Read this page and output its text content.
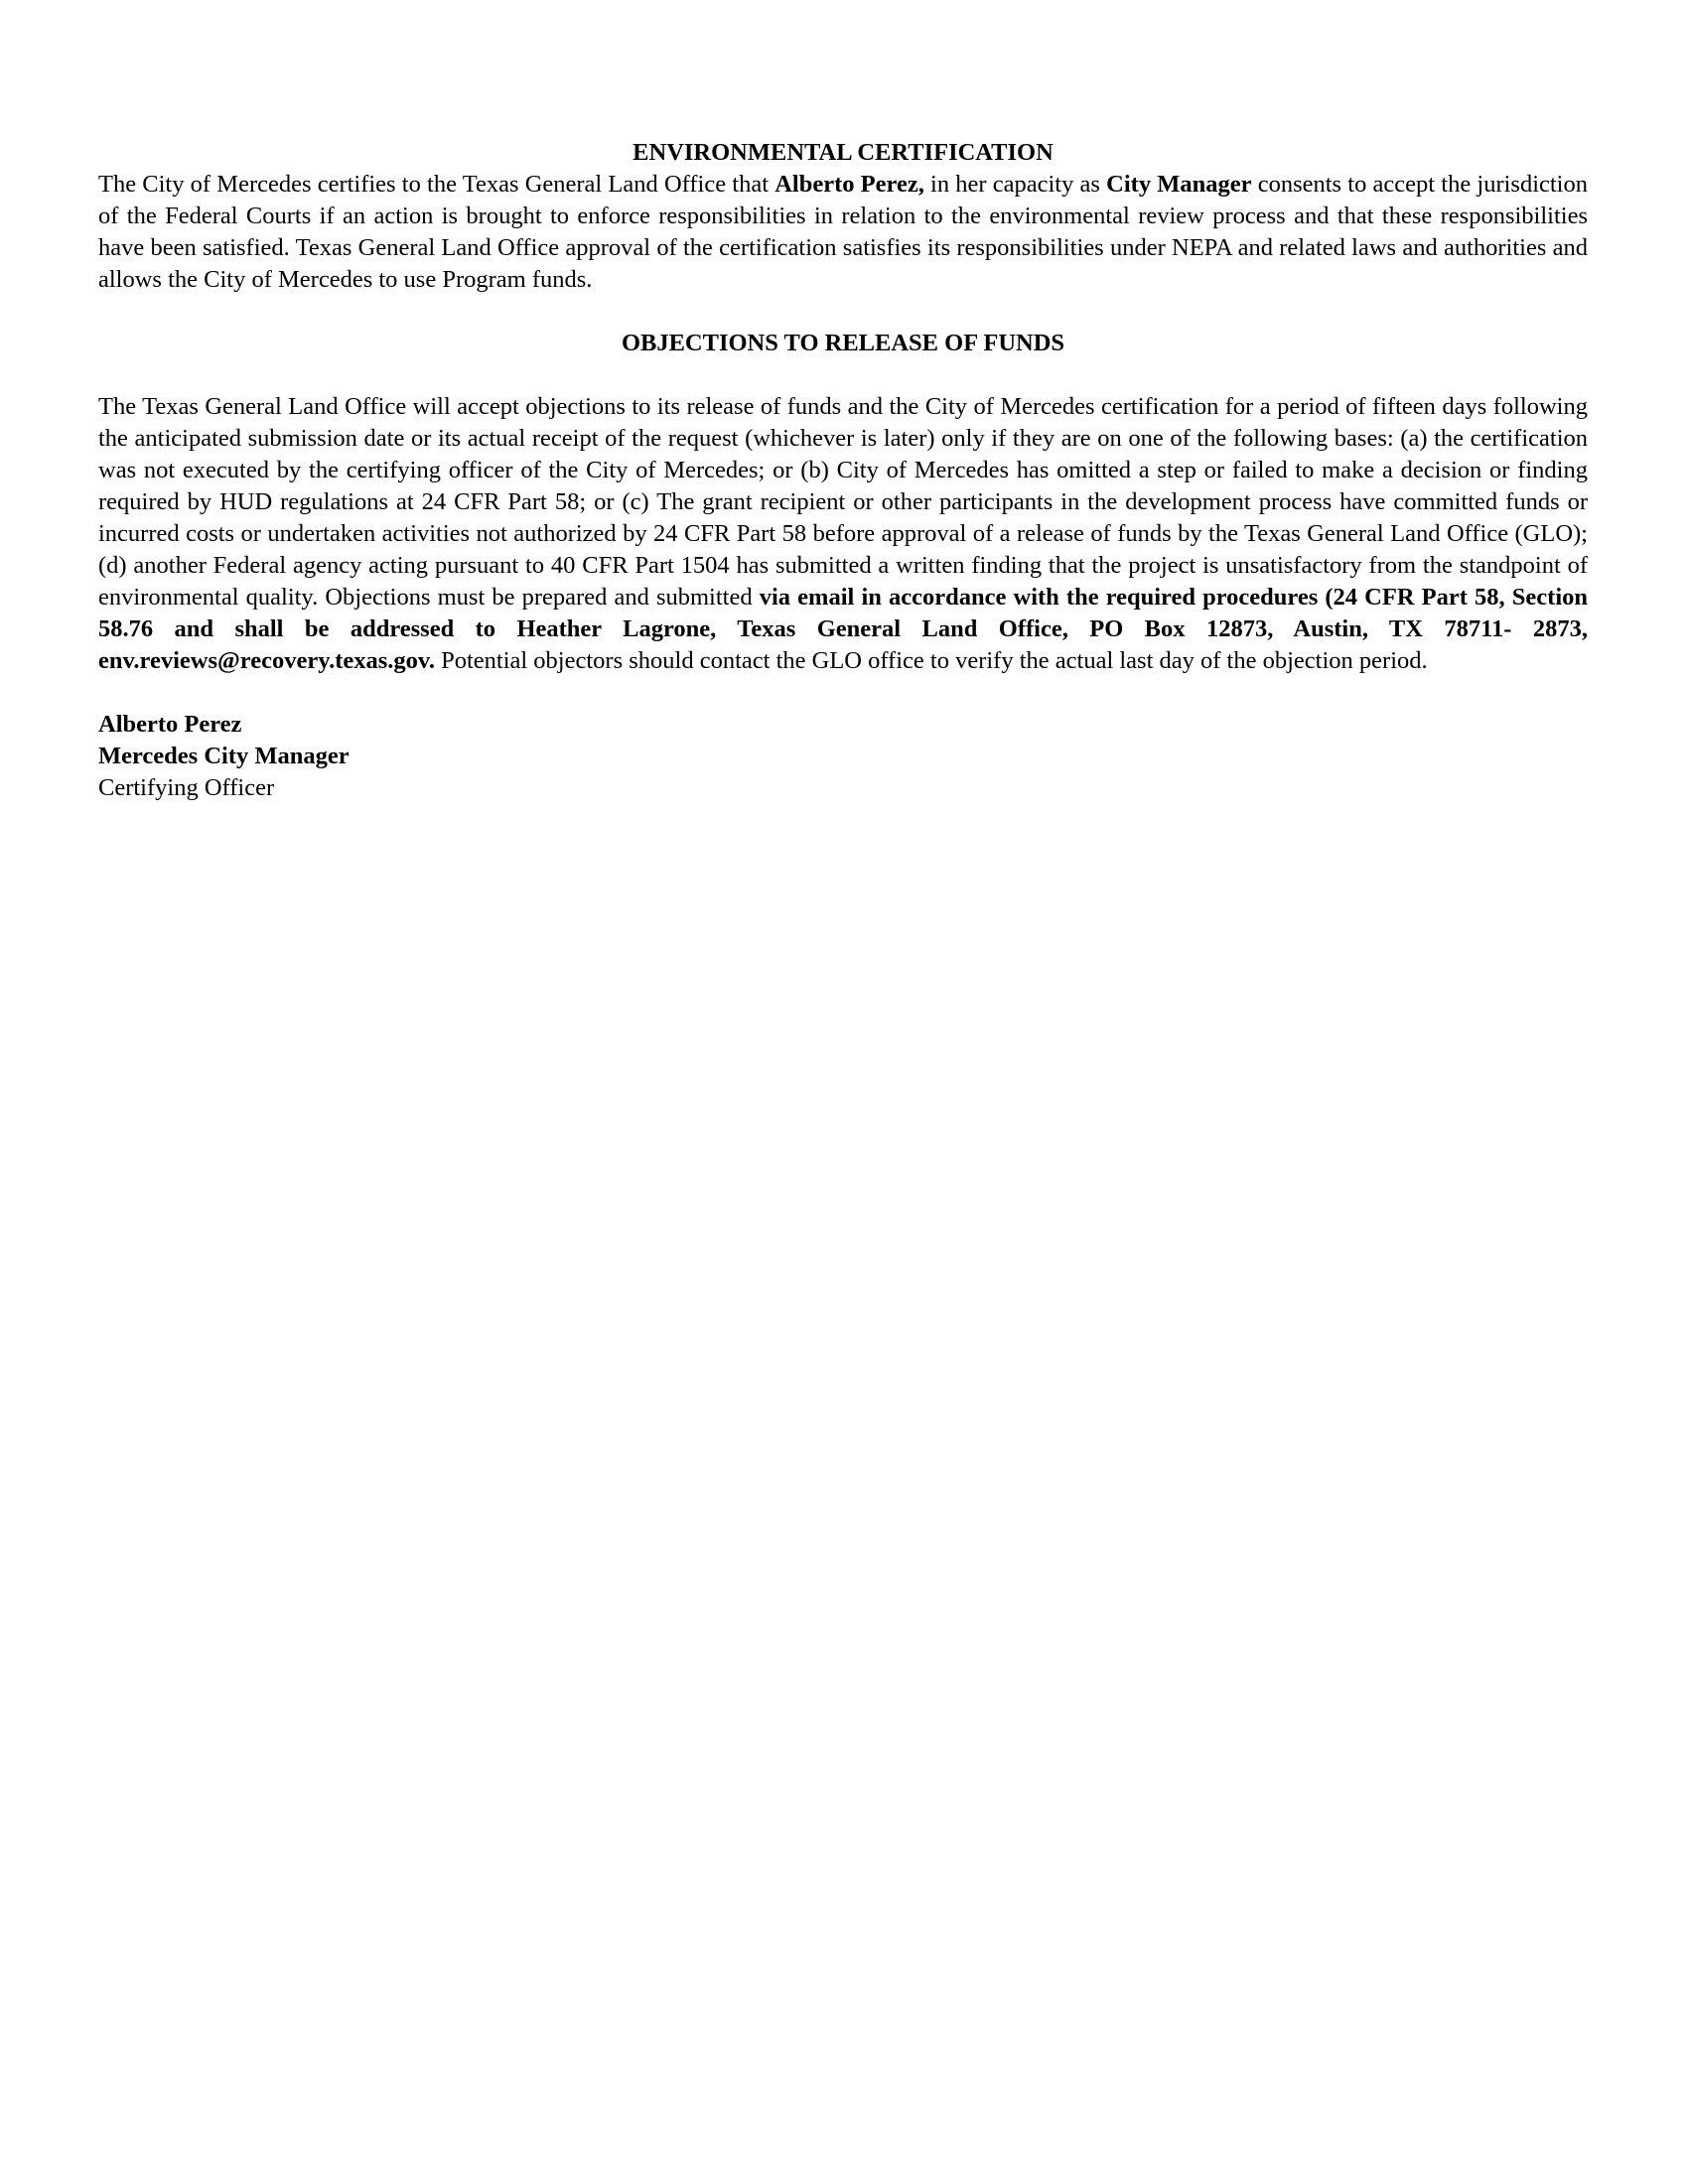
ENVIRONMENTAL CERTIFICATION

The City of Mercedes certifies to the Texas General Land Office that Alberto Perez, in her capacity as City Manager consents to accept the jurisdiction of the Federal Courts if an action is brought to enforce responsibilities in relation to the environmental review process and that these responsibilities have been satisfied. Texas General Land Office approval of the certification satisfies its responsibilities under NEPA and related laws and authorities and allows the City of Mercedes to use Program funds.

OBJECTIONS TO RELEASE OF FUNDS

The Texas General Land Office will accept objections to its release of funds and the City of Mercedes certification for a period of fifteen days following the anticipated submission date or its actual receipt of the request (whichever is later) only if they are on one of the following bases: (a) the certification was not executed by the certifying officer of the City of Mercedes; or (b) City of Mercedes has omitted a step or failed to make a decision or finding required by HUD regulations at 24 CFR Part 58; or (c) The grant recipient or other participants in the development process have committed funds or incurred costs or undertaken activities not authorized by 24 CFR Part 58 before approval of a release of funds by the Texas General Land Office (GLO); (d) another Federal agency acting pursuant to 40 CFR Part 1504 has submitted a written finding that the project is unsatisfactory from the standpoint of environmental quality. Objections must be prepared and submitted via email in accordance with the required procedures (24 CFR Part 58, Section 58.76 and shall be addressed to Heather Lagrone, Texas General Land Office, PO Box 12873, Austin, TX 78711- 2873, env.reviews@recovery.texas.gov. Potential objectors should contact the GLO office to verify the actual last day of the objection period.

Alberto Perez

Mercedes City Manager

Certifying Officer
